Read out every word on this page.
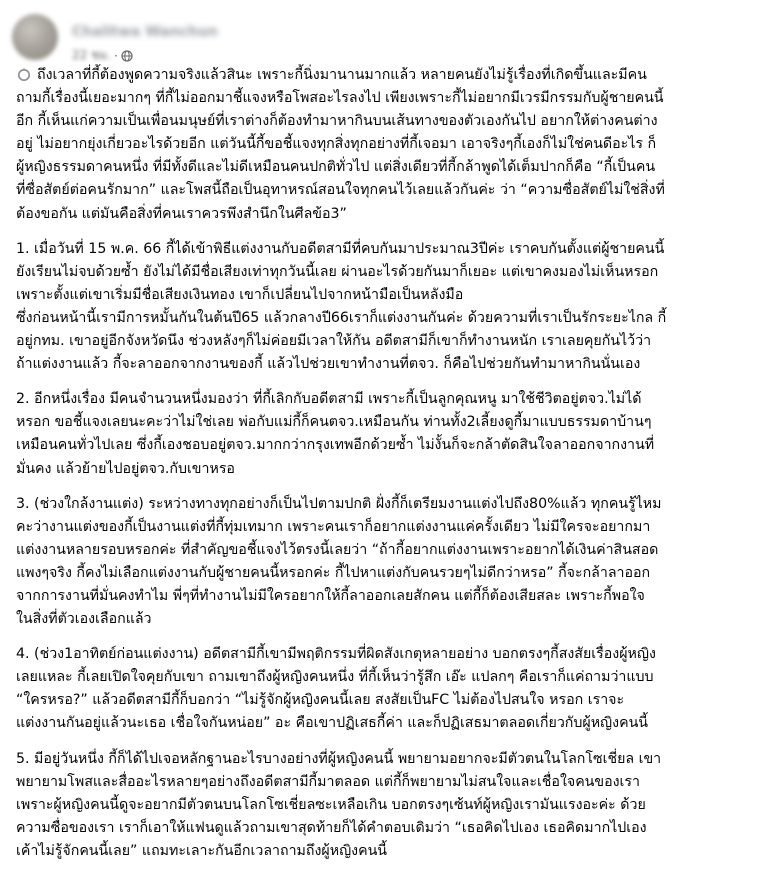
Chalitwa Wanchun
22 ชม. ·
ถึงเวลาที่กี้ต้องพูดความจริงแล้วสินะ เพราะกี้นิ่งมานานมากแล้ว หลายคนยังไม่รู้เรื่องที่เกิดขึ้นและมีคน
ถามกี้เรื่องนี้เยอะมากๆ ที่กี้ไม่ออกมาชี้แจงหรือโพสอะไรลงไป เพียงเพราะกี้ไม่อยากมีเวรมีกรรมกับผู้ชายคนนี้
อีก กี้เห็นแก่ความเป็นเพื่อนมนุษย์ที่เราต่างก็ต้องทำมาหากินบนเส้นทางของตัวเองกันไป อยากให้ต่างคนต่าง
อยู่ ไม่อยากยุ่งเกี่ยวอะไรด้วยอีก แต่วันนี้กี้ขอชี้แจงทุกสิ่งทุกอย่างที่กี้เจอมา เอาจริงๆกี้เองก็ไม่ใช่คนดีอะไร ก็
ผู้หญิงธรรมดาคนหนึ่ง ที่มีทั้งดีและไม่ดีเหมือนคนปกติทั่วไป แต่สิ่งเดียวที่กี้กล้าพูดได้เต็มปากก็คือ “กี้เป็นคน
ที่ซื่อสัตย์ต่อคนรักมาก” และโพสนี้ถือเป็นอุทาหรณ์สอนใจทุกคนไว้เลยแล้วกันค่ะ ว่า “ความซื่อสัตย์ไม่ใช่สิ่งที่
ต้องขอกัน แต่มันคือสิ่งที่คนเราควรพึงสำนึกในศีลข้อ3”
1. เมื่อวันที่ 15 พ.ค. 66 กี้ได้เข้าพิธีแต่งงานกับอดีตสามีที่คบกันมาประมาณ3ปีค่ะ เราคบกันตั้งแต่ผู้ชายคนนี้
ยังเรียนไม่จบด้วยซ้ำ ยังไม่ได้มีชื่อเสียงเท่าทุกวันนี้เลย ผ่านอะไรด้วยกันมาก็เยอะ แต่เขาคงมองไม่เห็นหรอก
เพราะตั้งแต่เขาเริ่มมีชื่อเสียงเงินทอง เขาก็เปลี่ยนไปจากหน้ามือเป็นหลังมือ
ซึ่งก่อนหน้านี้เรามีการหมั้นกันในต้นปี65 แล้วกลางปี66เราก็แต่งงานกันค่ะ ด้วยความที่เราเป็นรักระยะไกล กี้
อยู่กทม. เขาอยู่อีกจังหวัดนึง ช่วงหลังๆก็ไม่ค่อยมีเวลาให้กัน อดีตสามีก็เขาก็ทำงานหนัก เราเลยคุยกันไว้ว่า
ถ้าแต่งงานแล้ว กี้จะลาออกจากงานของกี้ แล้วไปช่วยเขาทำงานที่ตจว. ก็คือไปช่วยกันทำมาหากินนั่นเอง
2. อีกหนึ่งเรื่อง มีคนจำนวนหนึ่งมองว่า ที่กี้เลิกกับอดีตสามี เพราะกี้เป็นลูกคุณหนู มาใช้ชีวิตอยู่ตจว.ไม่ได้
หรอก ขอชี้แจงเลยนะคะว่าไม่ใช่เลย พ่อกับแม่กี้ก็คนตจว.เหมือนกัน ท่านทั้ง2เลี้ยงดูกี้มาแบบธรรมดาบ้านๆ
เหมือนคนทั่วไปเลย ซึ่งกี้เองชอบอยู่ตจว.มากกว่ากรุงเทพอีกด้วยซ้ำ ไม่งั้นก็จะกล้าตัดสินใจลาออกจากงานที่
มั่นคง แล้วย้ายไปอยู่ตจว.กับเขาหรอ
3. (ช่วงใกล้งานแต่ง) ระหว่างทางทุกอย่างก็เป็นไปตามปกติ ฝั่งกี้ก็เตรียมงานแต่งไปถึง80%แล้ว ทุกคนรู้ไหม
คะว่างานแต่งของกี้เป็นงานแต่งที่กี้ทุ่มเทมาก เพราะคนเราก็อยากแต่งงานแค่ครั้งเดียว ไม่มีใครจะอยากมา
แต่งงานหลายรอบหรอกค่ะ ที่สำคัญขอชี้แจงไว้ตรงนี้เลยว่า “ถ้ากี้อยากแต่งงานเพราะอยากได้เงินค่าสินสอด
แพงๆจริง กี้คงไม่เลือกแต่งงานกับผู้ชายคนนี้หรอกค่ะ กี้ไปหาแต่งกับคนรวยๆไม่ดีกว่าหรอ” กี้จะกล้าลาออก
จากการงานที่มั่นคงทำไม พี่ๆที่ทำงานไม่มีใครอยากให้กี้ลาออกเลยสักคน แต่กี้ก็ต้องเสียสละ เพราะกี้พอใจ
ในสิ่งที่ตัวเองเลือกแล้ว
4. (ช่วง1อาทิตย์ก่อนแต่งงาน) อดีตสามีกี้เขามีพฤติกรรมที่ผิดสังเกตุหลายอย่าง บอกตรงๆกี้สงสัยเรื่องผู้หญิง
เลยแหละ กี้เลยเปิดใจคุยกับเขา ถามเขาถึงผู้หญิงคนหนึ่ง ที่กี้เห็นว่ารู้สึก เอ๊ะ แปลกๆ คือเราก็แค่ถามว่าแบบ
“ใครหรอ?” แล้วอดีตสามีกี้ก็บอกว่า “ไม่รู้จักผู้หญิงคนนี้เลย สงสัยเป็นFC ไม่ต้องไปสนใจ หรอก เราจะ
แต่งงานกันอยู่แล้วนะเธอ เชื่อใจกันหน่อย” อะ คือเขาปฏิเสธกี้ค่า และก็ปฏิเสธมาตลอดเกี่ยวกับผู้หญิงคนนี้
5. มีอยู่วันหนึ่ง กี้ก็ได้ไปเจอหลักฐานอะไรบางอย่างที่ผู้หญิงคนนี้ พยายามอยากจะมีตัวตนในโลกโซเชี่ยล เขา
พยายามโพสและสื่ออะไรหลายๆอย่างถึงอดีตสามีกี้มาตลอด แต่กี้ก็พยายามไม่สนใจและเชื่อใจคนของเรา
เพราะผู้หญิงคนนี้ดูจะอยากมีตัวตนบนโลกโซเชี่ยลซะเหลือเกิน บอกตรงๆเซ้นท์ผู้หญิงเรามันแรงอะค่ะ ด้วย
ความซื่อของเรา เราก็เอาให้แฟนดูแล้วถามเขาสุดท้ายก็ได้คำตอบเดิมว่า “เธอคิดไปเอง เธอคิดมากไปเอง
เค้าไม่รู้จักคนนี้เลย” แถมทะเลาะกันอีกเวลาถามถึงผู้หญิงคนนี้
